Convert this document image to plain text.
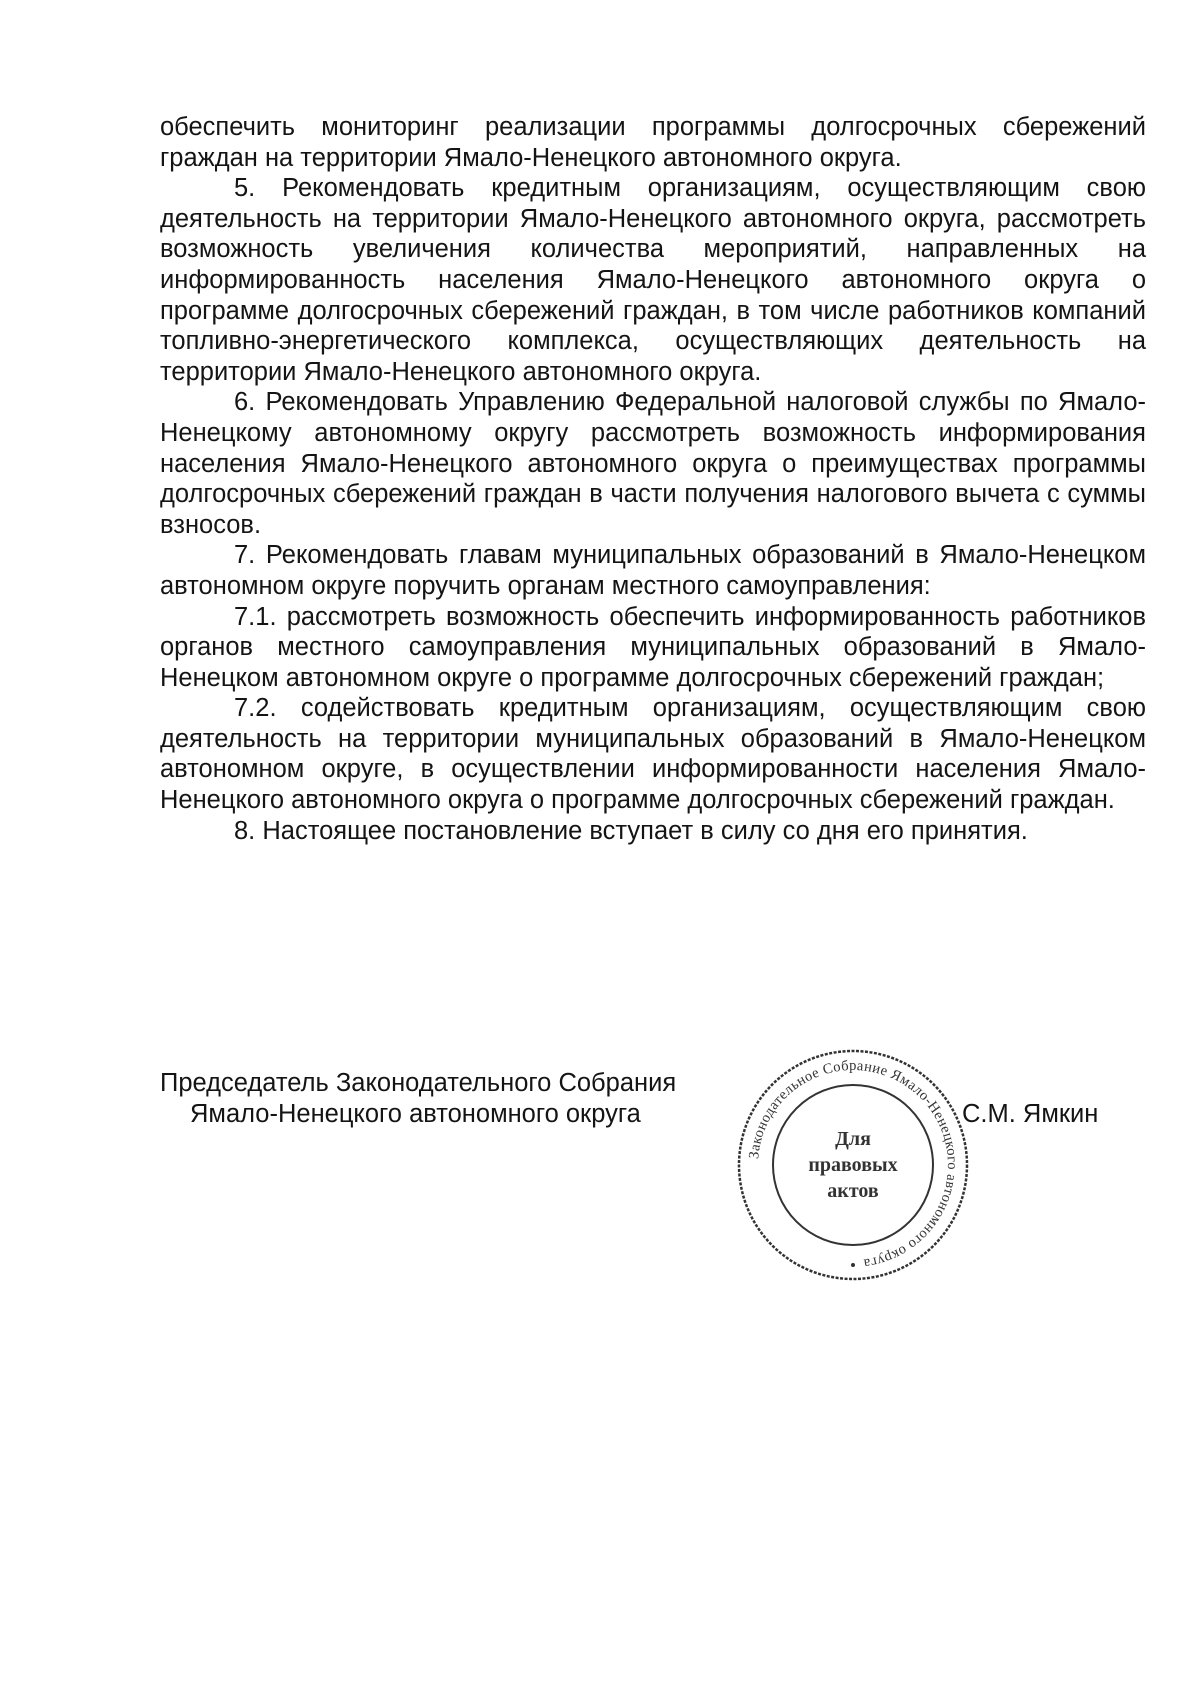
обеспечить мониторинг реализации программы долгосрочных сбережений граждан на территории Ямало-Ненецкого автономного округа.

5. Рекомендовать кредитным организациям, осуществляющим свою деятельность на территории Ямало-Ненецкого автономного округа, рассмотреть возможность увеличения количества мероприятий, направленных на информированность населения Ямало-Ненецкого автономного округа о программе долгосрочных сбережений граждан, в том числе работников компаний топливно-энергетического комплекса, осуществляющих деятельность на территории Ямало-Ненецкого автономного округа.

6. Рекомендовать Управлению Федеральной налоговой службы по Ямало-Ненецкому автономному округу рассмотреть возможность информирования населения Ямало-Ненецкого автономного округа о преимуществах программы долгосрочных сбережений граждан в части получения налогового вычета с суммы взносов.

7. Рекомендовать главам муниципальных образований в Ямало-Ненецком автономном округе поручить органам местного самоуправления:

7.1. рассмотреть возможность обеспечить информированность работников органов местного самоуправления муниципальных образований в Ямало-Ненецком автономном округе о программе долгосрочных сбережений граждан;

7.2. содействовать кредитным организациям, осуществляющим свою деятельность на территории муниципальных образований в Ямало-Ненецком автономном округе, в осуществлении информированности населения Ямало-Ненецкого автономного округа о программе долгосрочных сбережений граждан.

8. Настоящее постановление вступает в силу со дня его принятия.

Председатель Законодательного Собрания
Ямало-Ненецкого автономного округа	С.М. Ямкин
Законодательное Собрание Ямало-Ненецкого автономного округа
Для
правовых
актов
